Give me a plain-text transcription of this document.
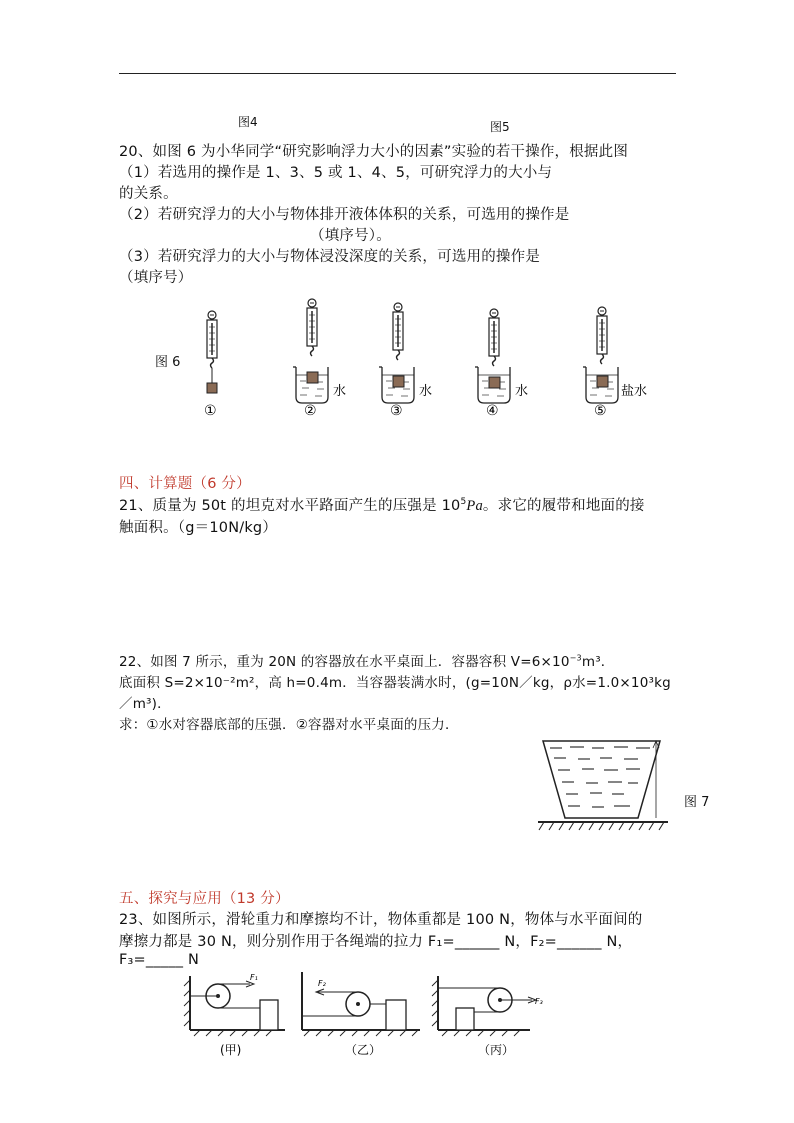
图4	图5
20、如图 6 为小华同学“研究影响浮力大小的因素”实验的若干操作，根据此图
（1）若选用的操作是 1、3、5 或 1、4、5，可研究浮力的大小与
的关系。
（2）若研究浮力的大小与物体排开液体体积的关系，可选用的操作是
（填序号）。
（3）若研究浮力的大小与物体浸没深度的关系，可选用的操作是
（填序号）
图 6
①	②	③	④	⑤
水	水	水	盐水
四、计算题（6 分）
21、质量为 50t 的坦克对水平路面产生的压强是 $10^5Pa$。求它的履带和地面的接
触面积。（g＝10N/kg）
22、如图 7 所示，重为 20N 的容器放在水平桌面上．容器容积 $V=6\times 10^{-3}m^3$．
底面积 S=2×10⁻²m²，高 h=0.4m．当容器装满水时，(g=10N／kg，ρ水=1.0×10³kg
／m³)．
求：①水对容器底部的压强．②容器对水平桌面的压力．
图 7
五、探究与应用（13 分）
23、如图所示，滑轮重力和摩擦均不计，物体重都是 100 N，物体与水平面间的
摩擦力都是 30 N，则分别作用于各绳端的拉力 F₁=______ N，F₂=______ N，
F₃=_____ N
F₁
(甲)
F₂
（乙）
F₃
（丙）
